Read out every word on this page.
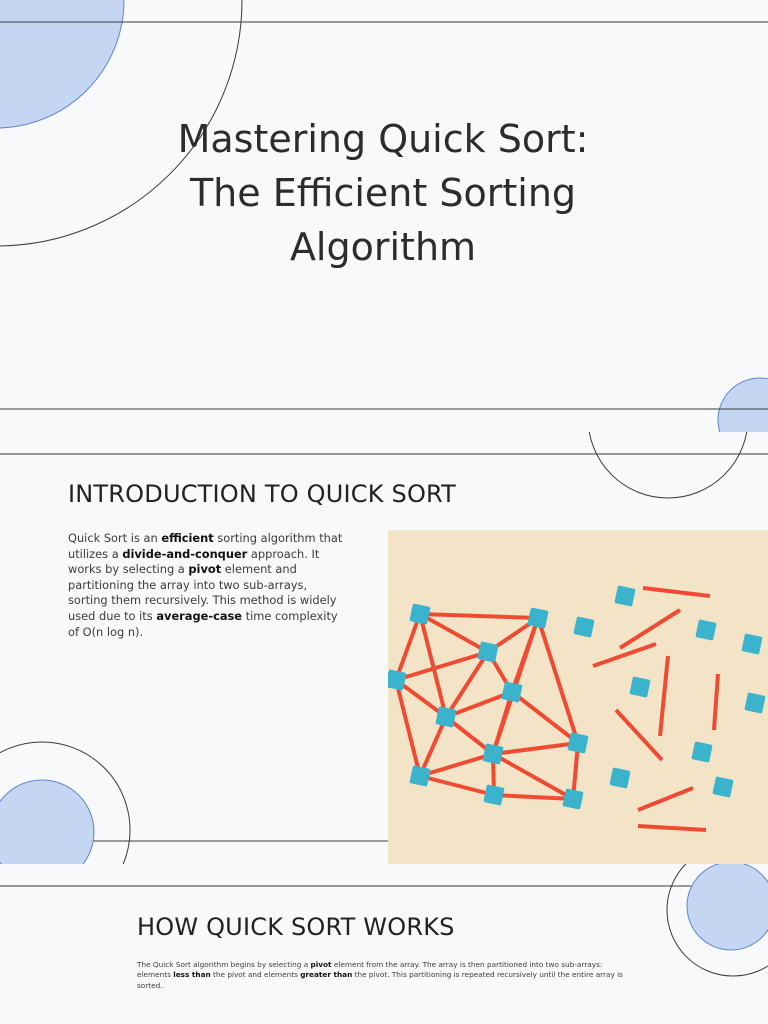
Mastering Quick Sort: The Efficient Sorting Algorithm
INTRODUCTION TO QUICK SORT

Quick Sort is an efficient sorting algorithm that utilizes a divide-and-conquer approach. It works by selecting a pivot element and partitioning the array into two sub-arrays, sorting them recursively. This method is widely used due to its average-case time complexity of O(n log n).

HOW QUICK SORT WORKS

The Quick Sort algorithm begins by selecting a pivot element from the array. The array is then partitioned into two sub-arrays: elements less than the pivot and elements greater than the pivot. This partitioning is repeated recursively until the entire array is sorted.
